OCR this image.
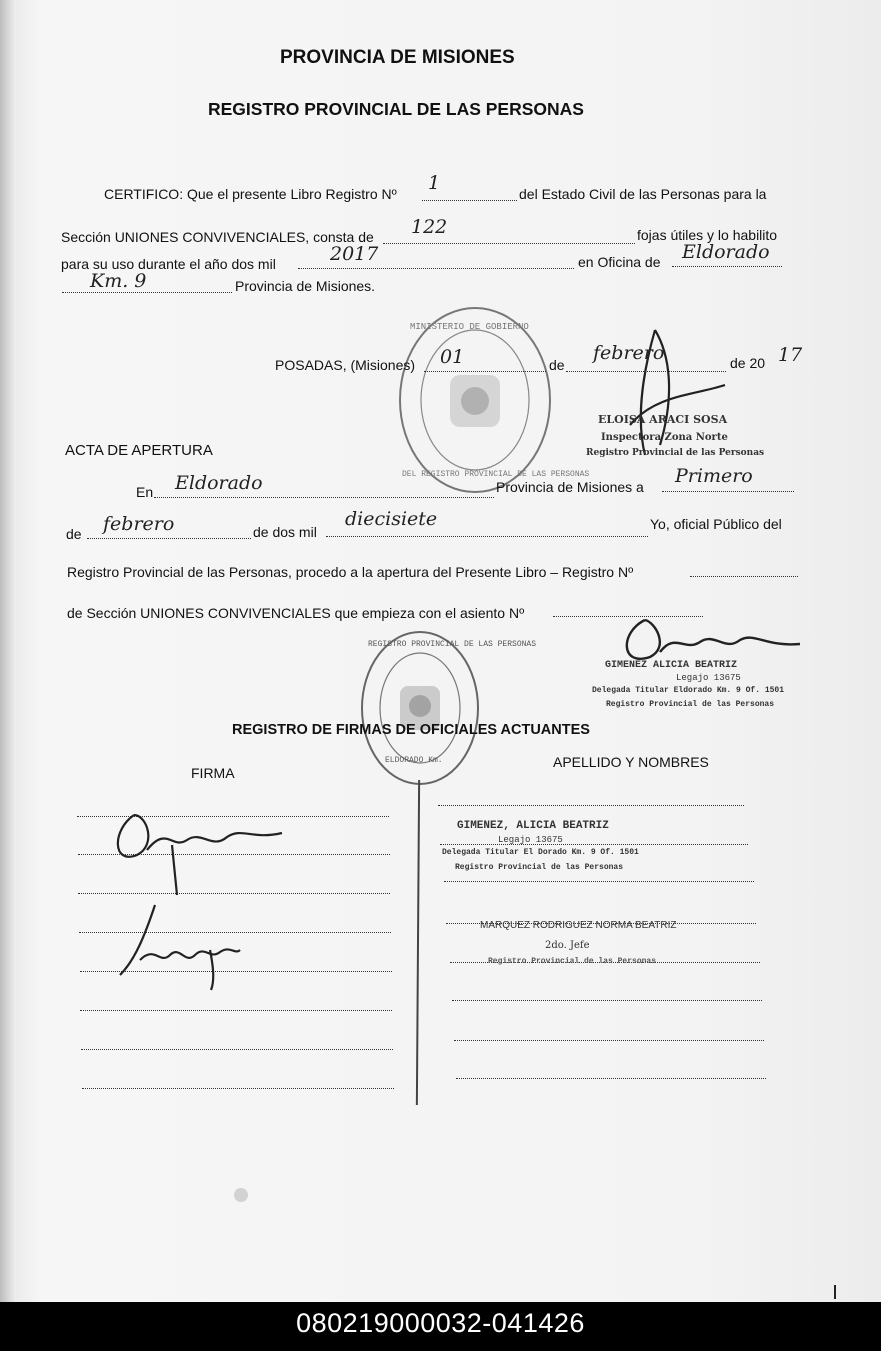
PROVINCIA DE MISIONES
REGISTRO PROVINCIAL DE LAS PERSONAS
CERTIFICO: Que el presente Libro Registro Nº 1	del Estado Civil de las Personas para la
Sección UNIONES CONVIVENCIALES, consta de 122	fojas útiles y lo habilito
para su uso durante el año dos mil	2017	en Oficina de Eldorado
Km. 9	Provincia de Misiones.
MINISTERIO DE GOBIERNO
DEL REGISTRO PROVINCIAL DE LAS PERSONAS
POSADAS, (Misiones) 01	de
febrero	de 20 17
ELOISA ARACI SOSA
Inspectora Zona Norte
Registro Provincial de las Personas
ACTA DE APERTURA
En Eldorado	Provincia de Misiones a Primero
de febrero	de dos mil
diecisiete	Yo, oficial Público del
Registro Provincial de las Personas, procedo a la apertura del Presente Libro – Registro Nº
de Sección UNIONES CONVIVENCIALES que empieza con el asiento Nº
GIMENEZ ALICIA BEATRIZ
Legajo 13675
Delegada Titular Eldorado Km. 9 Of. 1501
Registro Provincial de las Personas
REGISTRO PROVINCIAL DE LAS PERSONAS
ELDORADO Km.
REGISTRO DE FIRMAS DE OFICIALES ACTUANTES
FIRMA
APELLIDO Y NOMBRES
GIMENEZ, ALICIA BEATRIZ
Legajo 13675
Delegada Titular El Dorado Km. 9 Of. 1501
Registro Provincial de las Personas
MARQUEZ RODRIGUEZ NORMA BEATRIZ
2do. Jefe
Registro Provincial de las Personas
080219000032-041426
